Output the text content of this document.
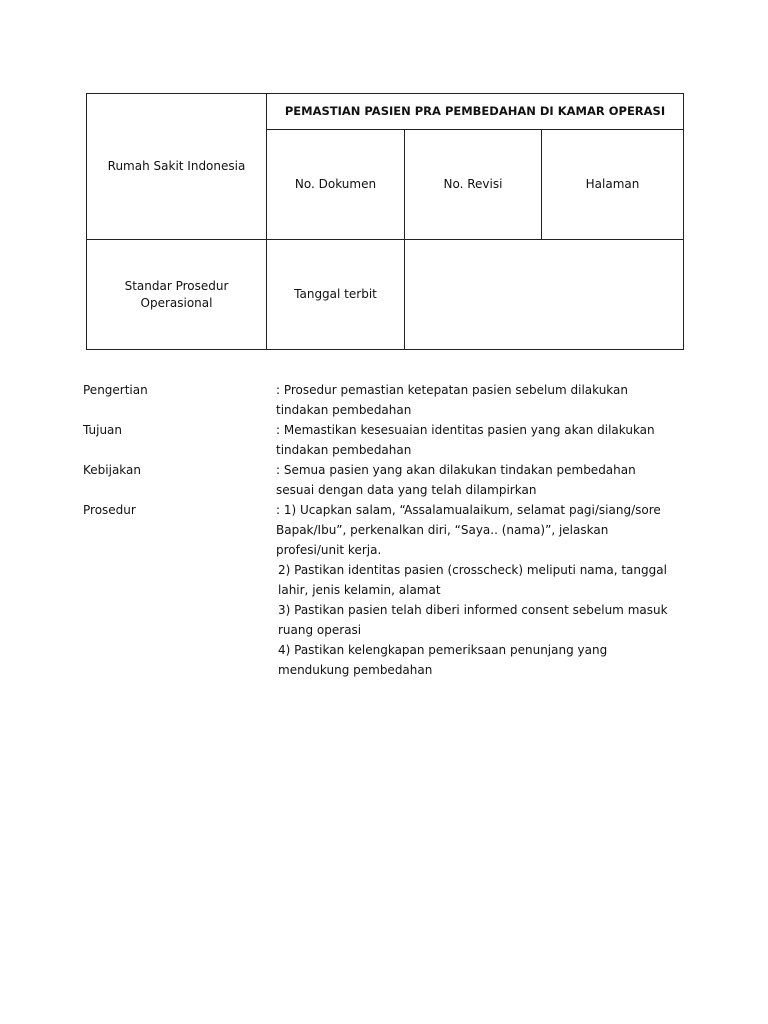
Rumah Sakit Indonesia	PEMASTIAN PASIEN PRA PEMBEDAHAN DI KAMAR OPERASI		
	No. Dokumen	No. Revisi	Halaman
Standar Prosedur Operasional	Tanggal terbit		
Pengertian	: Prosedur pemastian ketepatan pasien sebelum dilakukan tindakan pembedahan
Tujuan	: Memastikan kesesuaian identitas pasien yang akan dilakukan tindakan pembedahan
Kebijakan	: Semua pasien yang akan dilakukan tindakan pembedahan sesuai dengan data yang telah dilampirkan
Prosedur	: 1) Ucapkan salam, “Assalamualaikum, selamat pagi/siang/sore Bapak/Ibu”, perkenalkan diri, “Saya.. (nama)”, jelaskan profesi/unit kerja.
2) Pastikan identitas pasien (crosscheck) meliputi nama, tanggal lahir, jenis kelamin, alamat
3) Pastikan pasien telah diberi informed consent sebelum masuk ruang operasi
4) Pastikan kelengkapan pemeriksaan penunjang yang mendukung pembedahan
